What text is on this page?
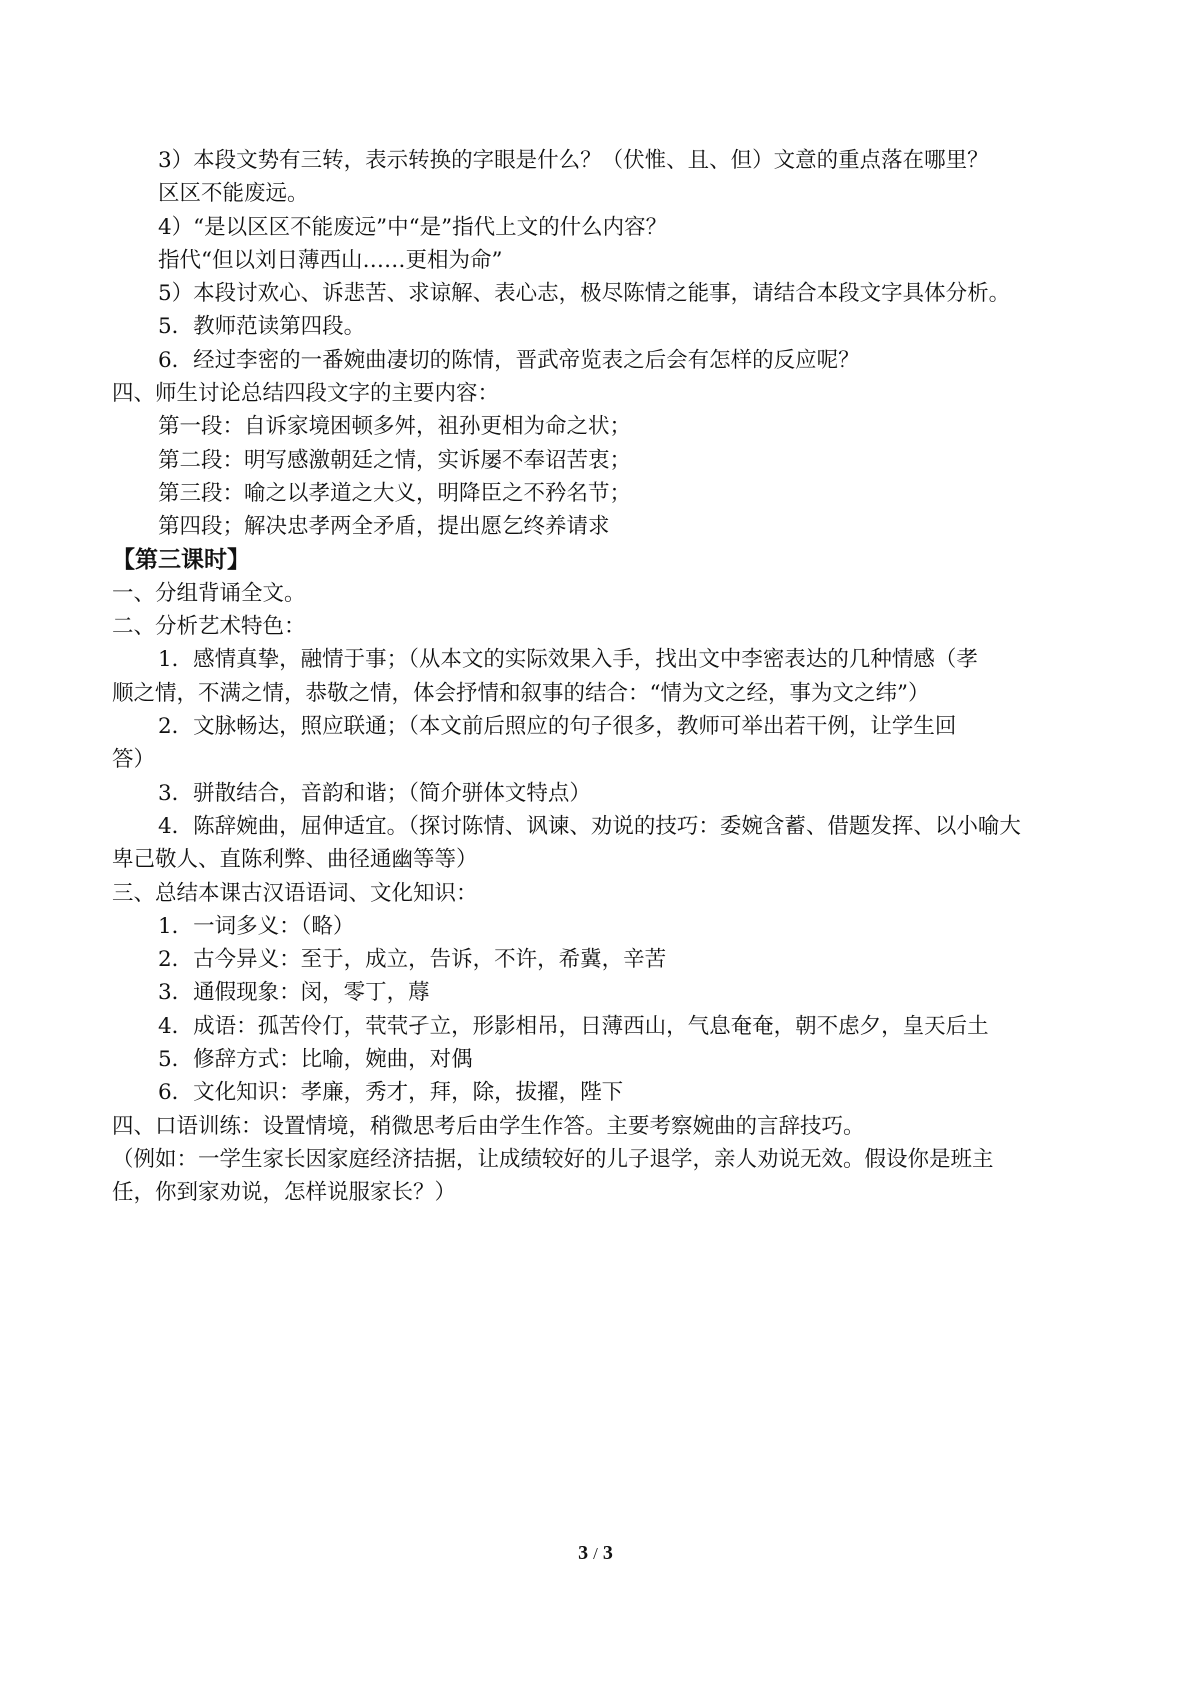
3）本段文势有三转，表示转换的字眼是什么？（伏惟、且、但）文意的重点落在哪里？
区区不能废远。
4）“是以区区不能废远”中“是”指代上文的什么内容？
指代“但以刘日薄西山……更相为命”
5）本段讨欢心、诉悲苦、求谅解、表心志，极尽陈情之能事，请结合本段文字具体分析。
5．教师范读第四段。
6．经过李密的一番婉曲凄切的陈情，晋武帝览表之后会有怎样的反应呢？
四、师生讨论总结四段文字的主要内容：
第一段：自诉家境困顿多舛，祖孙更相为命之状；
第二段：明写感激朝廷之情，实诉屡不奉诏苦衷；
第三段：喻之以孝道之大义，明降臣之不矜名节；
第四段；解决忠孝两全矛盾，提出愿乞终养请求
【第三课时】
一、分组背诵全文。
二、分析艺术特色：
1．感情真挚，融情于事；（从本文的实际效果入手，找出文中李密表达的几种情感（孝
顺之情，不满之情，恭敬之情，体会抒情和叙事的结合：“情为文之经，事为文之纬”）
2．文脉畅达，照应联通；（本文前后照应的句子很多，教师可举出若干例，让学生回
答）
3．骈散结合，音韵和谐；（简介骈体文特点）
4．陈辞婉曲，屈伸适宜。（探讨陈情、讽谏、劝说的技巧：委婉含蓄、借题发挥、以小喻大
卑己敬人、直陈利弊、曲径通幽等等）
三、总结本课古汉语语词、文化知识：
1．一词多义：（略）
2．古今异义：至于，成立，告诉，不许，希冀，辛苦
3．通假现象：闵，零丁，蓐
4．成语：孤苦伶仃，茕茕孑立，形影相吊，日薄西山，气息奄奄，朝不虑夕，皇天后土
5．修辞方式：比喻，婉曲，对偶
6．文化知识：孝廉，秀才，拜，除，拔擢，陛下
四、口语训练：设置情境，稍微思考后由学生作答。主要考察婉曲的言辞技巧。
（例如：一学生家长因家庭经济拮据，让成绩较好的儿子退学，亲人劝说无效。假设你是班主
任，你到家劝说，怎样说服家长？）
3 / 3
